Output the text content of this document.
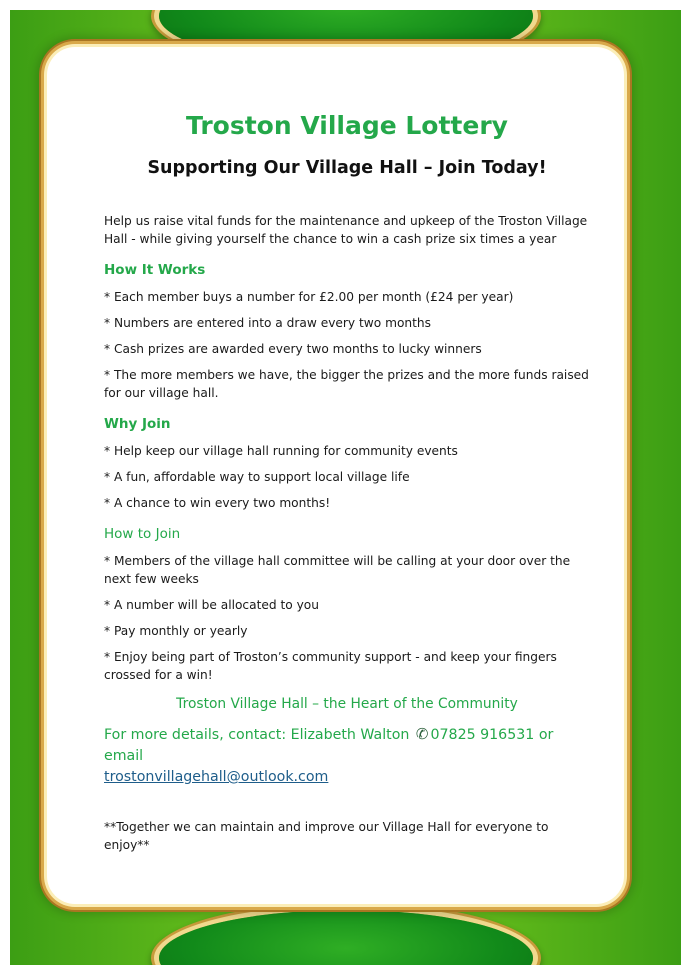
Troston Village Lottery
Supporting Our Village Hall – Join Today!

Help us raise vital funds for the maintenance and upkeep of the Troston Village Hall - while giving yourself the chance to win a cash prize six times a year

How It Works
* Each member buys a number for £2.00 per month (£24 per year)
* Numbers are entered into a draw every two months
* Cash prizes are awarded every two months to lucky winners
* The more members we have, the bigger the prizes and the more funds raised for our village hall.
Why Join
* Help keep our village hall running for community events
* A fun, affordable way to support local village life
* A chance to win every two months!
How to Join
* Members of the village hall committee will be calling at your door over the next few weeks
* A number will be allocated to you
* Pay monthly or yearly
* Enjoy being part of Troston’s community support - and keep your fingers crossed for a win!
Troston Village Hall – the Heart of the Community
For more details, contact: Elizabeth Walton ✆ 07825 916531 or email
trostonvillagehall@outlook.com
**Together we can maintain and improve our Village Hall for everyone to enjoy**
